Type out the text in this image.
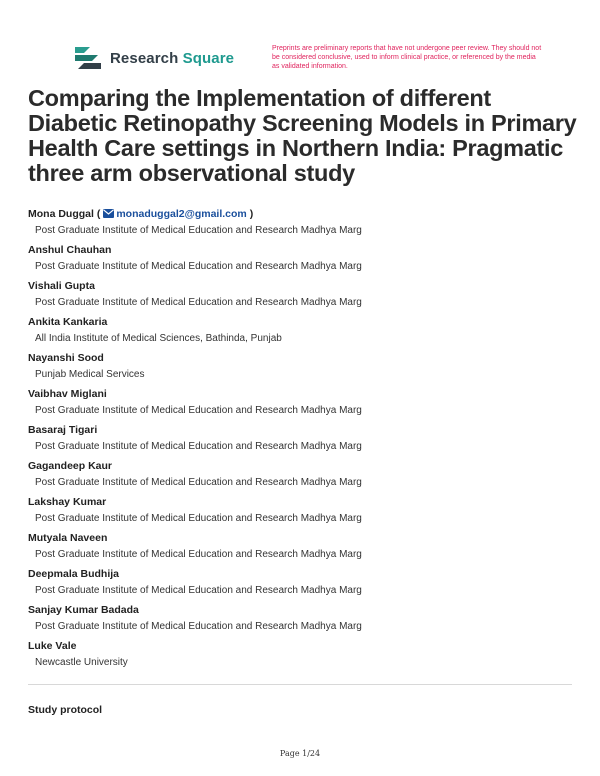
Research Square
Preprints are preliminary reports that have not undergone peer review. They should not be considered conclusive, used to inform clinical practice, or referenced by the media as validated information.
Comparing the Implementation of different Diabetic Retinopathy Screening Models in Primary Health Care settings in Northern India: Pragmatic three arm observational study
Mona Duggal ( monaduggal2@gmail.com )
Post Graduate Institute of Medical Education and Research Madhya Marg
Anshul Chauhan
Post Graduate Institute of Medical Education and Research Madhya Marg
Vishali Gupta
Post Graduate Institute of Medical Education and Research Madhya Marg
Ankita Kankaria
All India Institute of Medical Sciences, Bathinda, Punjab
Nayanshi Sood
Punjab Medical Services
Vaibhav Miglani
Post Graduate Institute of Medical Education and Research Madhya Marg
Basaraj Tigari
Post Graduate Institute of Medical Education and Research Madhya Marg
Gagandeep Kaur
Post Graduate Institute of Medical Education and Research Madhya Marg
Lakshay Kumar
Post Graduate Institute of Medical Education and Research Madhya Marg
Mutyala Naveen
Post Graduate Institute of Medical Education and Research Madhya Marg
Deepmala Budhija
Post Graduate Institute of Medical Education and Research Madhya Marg
Sanjay Kumar Badada
Post Graduate Institute of Medical Education and Research Madhya Marg
Luke Vale
Newcastle University
Study protocol
Page 1/24
